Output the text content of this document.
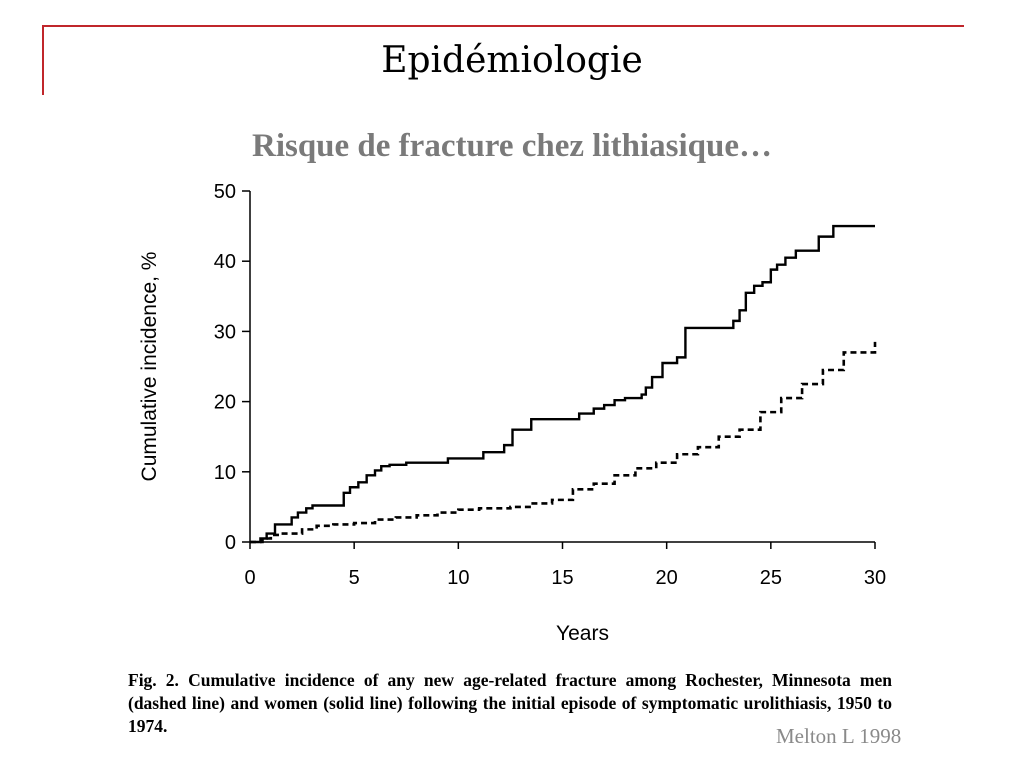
Epidémiologie
Risque de fracture chez lithiasique…
0
10
20
30
40
50
0	5	10	15	20	25	30
Cumulative incidence, %
Years
Fig. 2. Cumulative incidence of any new age-related fracture among Rochester, Minnesota men (dashed line) and women (solid line) following the initial episode of symptomatic urolithiasis, 1950 to 1974.	Melton L 1998
